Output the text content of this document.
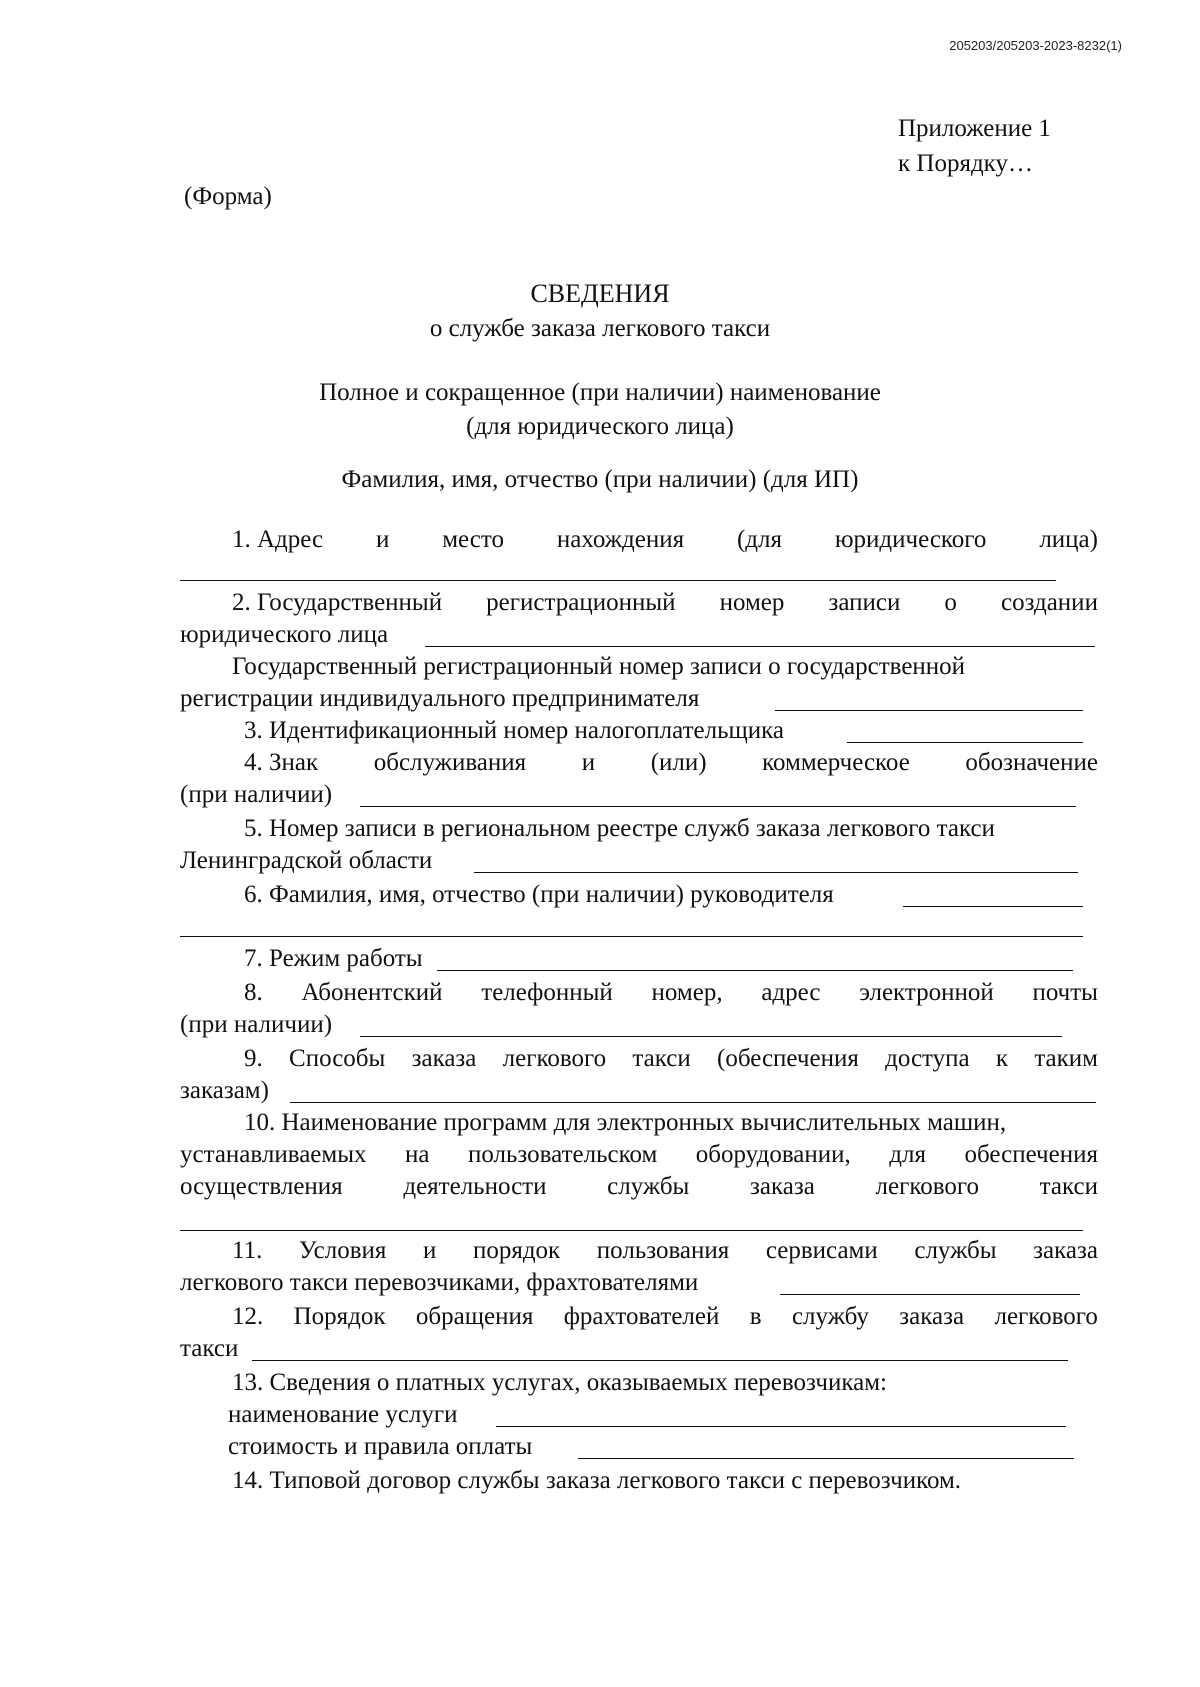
205203/205203-2023-8232(1)
Приложение 1
к Порядку…
(Форма)
СВЕДЕНИЯ
о службе заказа легкового такси
Полное и сокращенное (при наличии) наименование
(для юридического лица)
Фамилия, имя, отчество (при наличии) (для ИП)
1. Адрес и место нахождения (для юридического лица)
2. Государственный регистрационный номер записи о создании
юридического лица
Государственный регистрационный номер записи о государственной
регистрации индивидуального предпринимателя
3. Идентификационный номер налогоплательщика
4. Знак обслуживания и (или) коммерческое обозначение
(при наличии)
5. Номер записи в региональном реестре служб заказа легкового такси
Ленинградской области
6. Фамилия, имя, отчество (при наличии) руководителя
7. Режим работы
8. Абонентский телефонный номер, адрес электронной почты
(при наличии)
9. Способы заказа легкового такси (обеспечения доступа к таким
заказам)
10. Наименование программ для электронных вычислительных машин,
устанавливаемых на пользовательском оборудовании, для обеспечения
осуществления деятельности службы заказа легкового такси
11. Условия и порядок пользования сервисами службы заказа
легкового такси перевозчиками, фрахтователями
12. Порядок обращения фрахтователей в службу заказа легкового
такси
13. Сведения о платных услугах, оказываемых перевозчикам:
наименование услуги
стоимость и правила оплаты
14. Типовой договор службы заказа легкового такси с перевозчиком.
